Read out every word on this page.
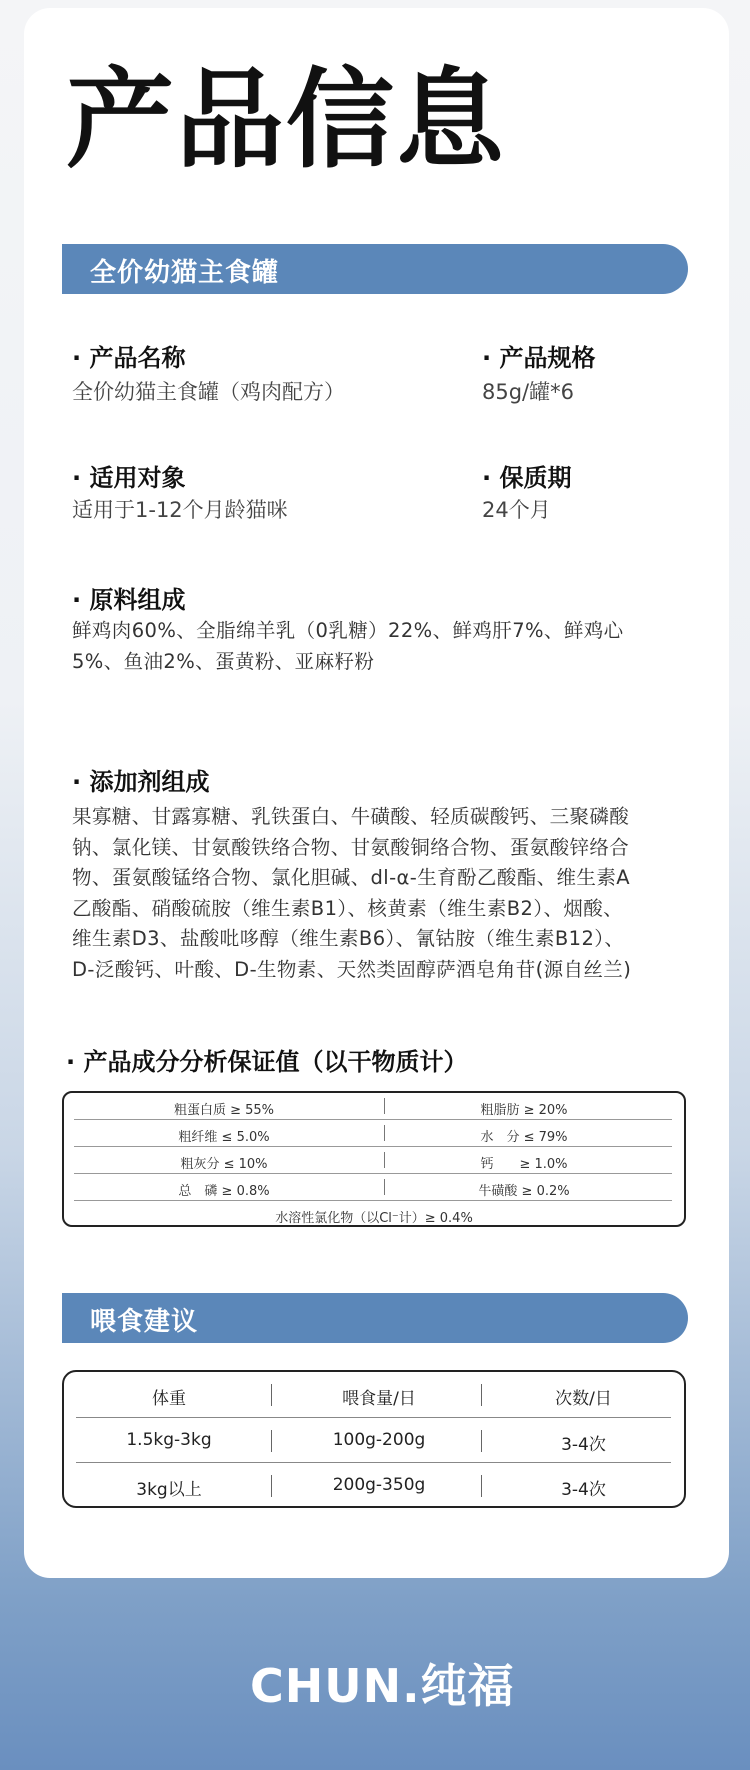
产品信息
全价幼猫主食罐
· 产品名称
全价幼猫主食罐（鸡肉配方）
· 产品规格
85g/罐*6
· 适用对象
适用于1-12个月龄猫咪
· 保质期
24个月
· 原料组成
鲜鸡肉60%、全脂绵羊乳（0乳糖）22%、鲜鸡肝7%、鲜鸡心
5%、鱼油2%、蛋黄粉、亚麻籽粉
· 添加剂组成
果寡糖、甘露寡糖、乳铁蛋白、牛磺酸、轻质碳酸钙、三聚磷酸
钠、氯化镁、甘氨酸铁络合物、甘氨酸铜络合物、蛋氨酸锌络合
物、蛋氨酸锰络合物、氯化胆碱、dl-α-生育酚乙酸酯、维生素A
乙酸酯、硝酸硫胺（维生素B1）、核黄素（维生素B2）、烟酸、
维生素D3、盐酸吡哆醇（维生素B6）、氰钴胺（维生素B12）、
D-泛酸钙、叶酸、D-生物素、天然类固醇萨酒皂角苷(源自丝兰)
· 产品成分分析保证值（以干物质计）
粗蛋白质 ≥ 55%	粗脂肪 ≥ 20%
粗纤维 ≤ 5.0%	水　分 ≤ 79%
粗灰分 ≤ 10%	钙　　≥ 1.0%
总　磷 ≥ 0.8%	牛磺酸 ≥ 0.2%
水溶性氯化物（以Cl⁻计）≥ 0.4%
喂食建议
体重	喂食量/日	次数/日
1.5kg-3kg	100g-200g	3-4次
3kg以上	200g-350g	3-4次
CHUN.纯福
